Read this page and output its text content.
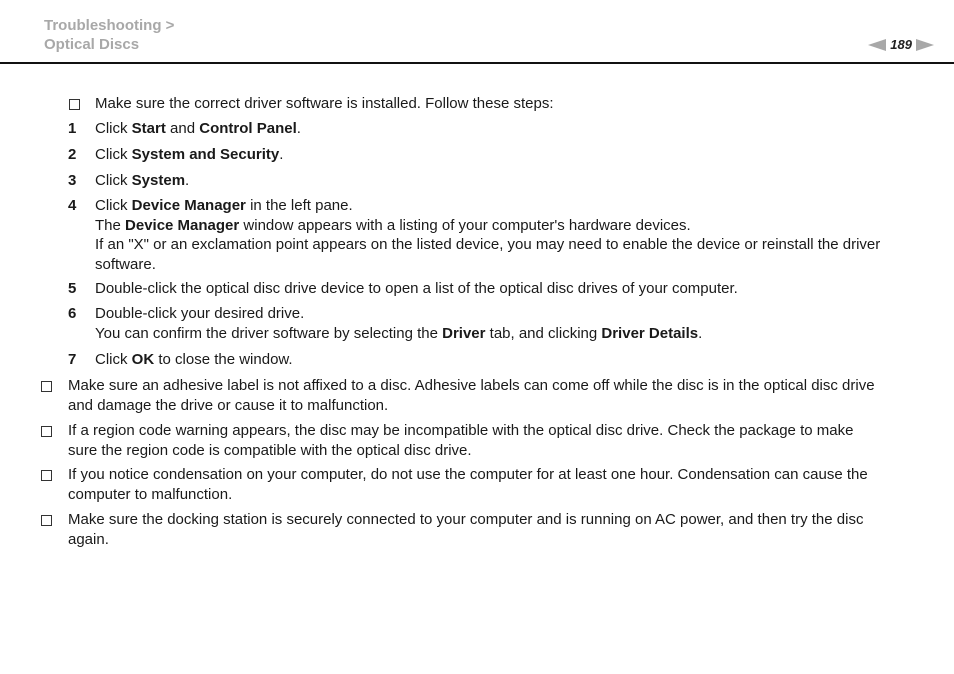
Troubleshooting >
Optical Discs	189
Make sure the correct driver software is installed. Follow these steps:
1 Click Start and Control Panel.
2 Click System and Security.
3 Click System.
4 Click Device Manager in the left pane.
The Device Manager window appears with a listing of your computer's hardware devices.
If an "X" or an exclamation point appears on the listed device, you may need to enable the device or reinstall the driver
software.
5 Double-click the optical disc drive device to open a list of the optical disc drives of your computer.
6 Double-click your desired drive.
You can confirm the driver software by selecting the Driver tab, and clicking Driver Details.
7 Click OK to close the window.
Make sure an adhesive label is not affixed to a disc. Adhesive labels can come off while the disc is in the optical disc drive
and damage the drive or cause it to malfunction.
If a region code warning appears, the disc may be incompatible with the optical disc drive. Check the package to make
sure the region code is compatible with the optical disc drive.
If you notice condensation on your computer, do not use the computer for at least one hour. Condensation can cause the
computer to malfunction.
Make sure the docking station is securely connected to your computer and is running on AC power, and then try the disc
again.
